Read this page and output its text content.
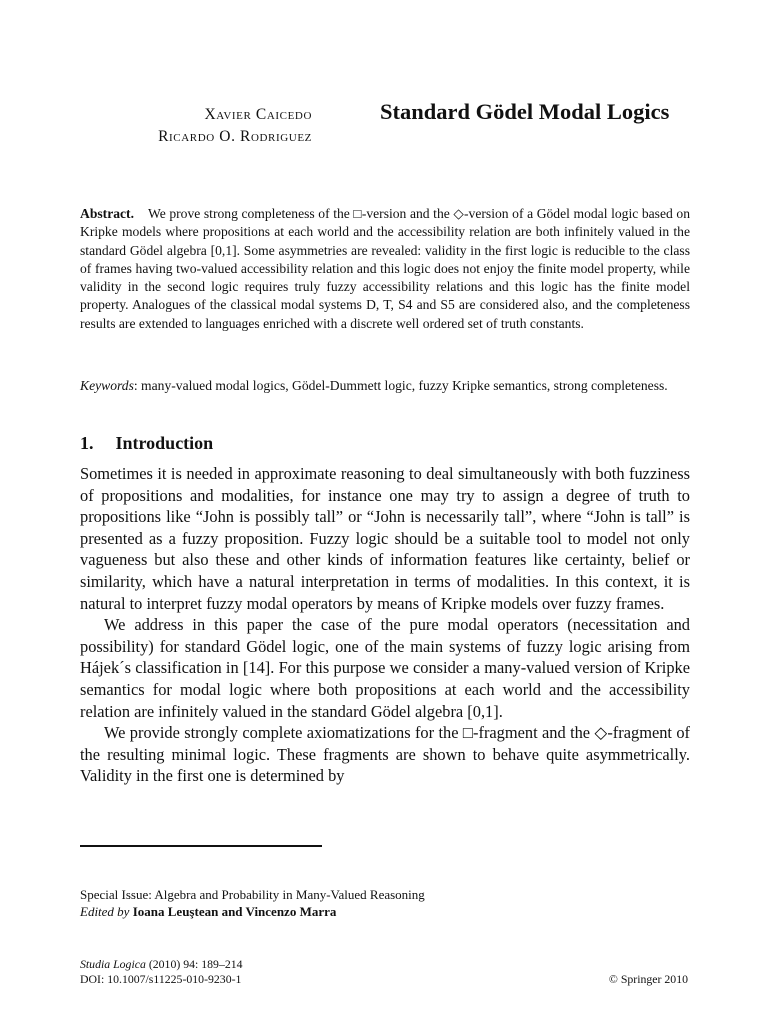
Xavier Caicedo
Ricardo O. Rodriguez
Standard Gödel Modal Logics
Abstract. We prove strong completeness of the □-version and the ◇-version of a Gödel modal logic based on Kripke models where propositions at each world and the accessibility relation are both infinitely valued in the standard Gödel algebra [0,1]. Some asymmetries are revealed: validity in the first logic is reducible to the class of frames having two-valued accessibility relation and this logic does not enjoy the finite model property, while validity in the second logic requires truly fuzzy accessibility relations and this logic has the finite model property. Analogues of the classical modal systems D, T, S4 and S5 are considered also, and the completeness results are extended to languages enriched with a discrete well ordered set of truth constants.
Keywords: many-valued modal logics, Gödel-Dummett logic, fuzzy Kripke semantics, strong completeness.
1. Introduction

Sometimes it is needed in approximate reasoning to deal simultaneously with both fuzziness of propositions and modalities, for instance one may try to assign a degree of truth to propositions like “John is possibly tall” or “John is necessarily tall”, where “John is tall” is presented as a fuzzy proposition. Fuzzy logic should be a suitable tool to model not only vagueness but also these and other kinds of information features like certainty, belief or similarity, which have a natural interpretation in terms of modalities. In this context, it is natural to interpret fuzzy modal operators by means of Kripke models over fuzzy frames.

We address in this paper the case of the pure modal operators (necessitation and possibility) for standard Gödel logic, one of the main systems of fuzzy logic arising from Hájek´s classification in [14]. For this purpose we consider a many-valued version of Kripke semantics for modal logic where both propositions at each world and the accessibility relation are infinitely valued in the standard Gödel algebra [0,1].

We provide strongly complete axiomatizations for the □-fragment and the ◇-fragment of the resulting minimal logic. These fragments are shown to behave quite asymmetrically. Validity in the first one is determined by

Special Issue: Algebra and Probability in Many-Valued Reasoning
Edited by Ioana Leuştean and Vincenzo Marra
Studia Logica (2010) 94: 189–214
DOI: 10.1007/s11225-010-9230-1	© Springer 2010
